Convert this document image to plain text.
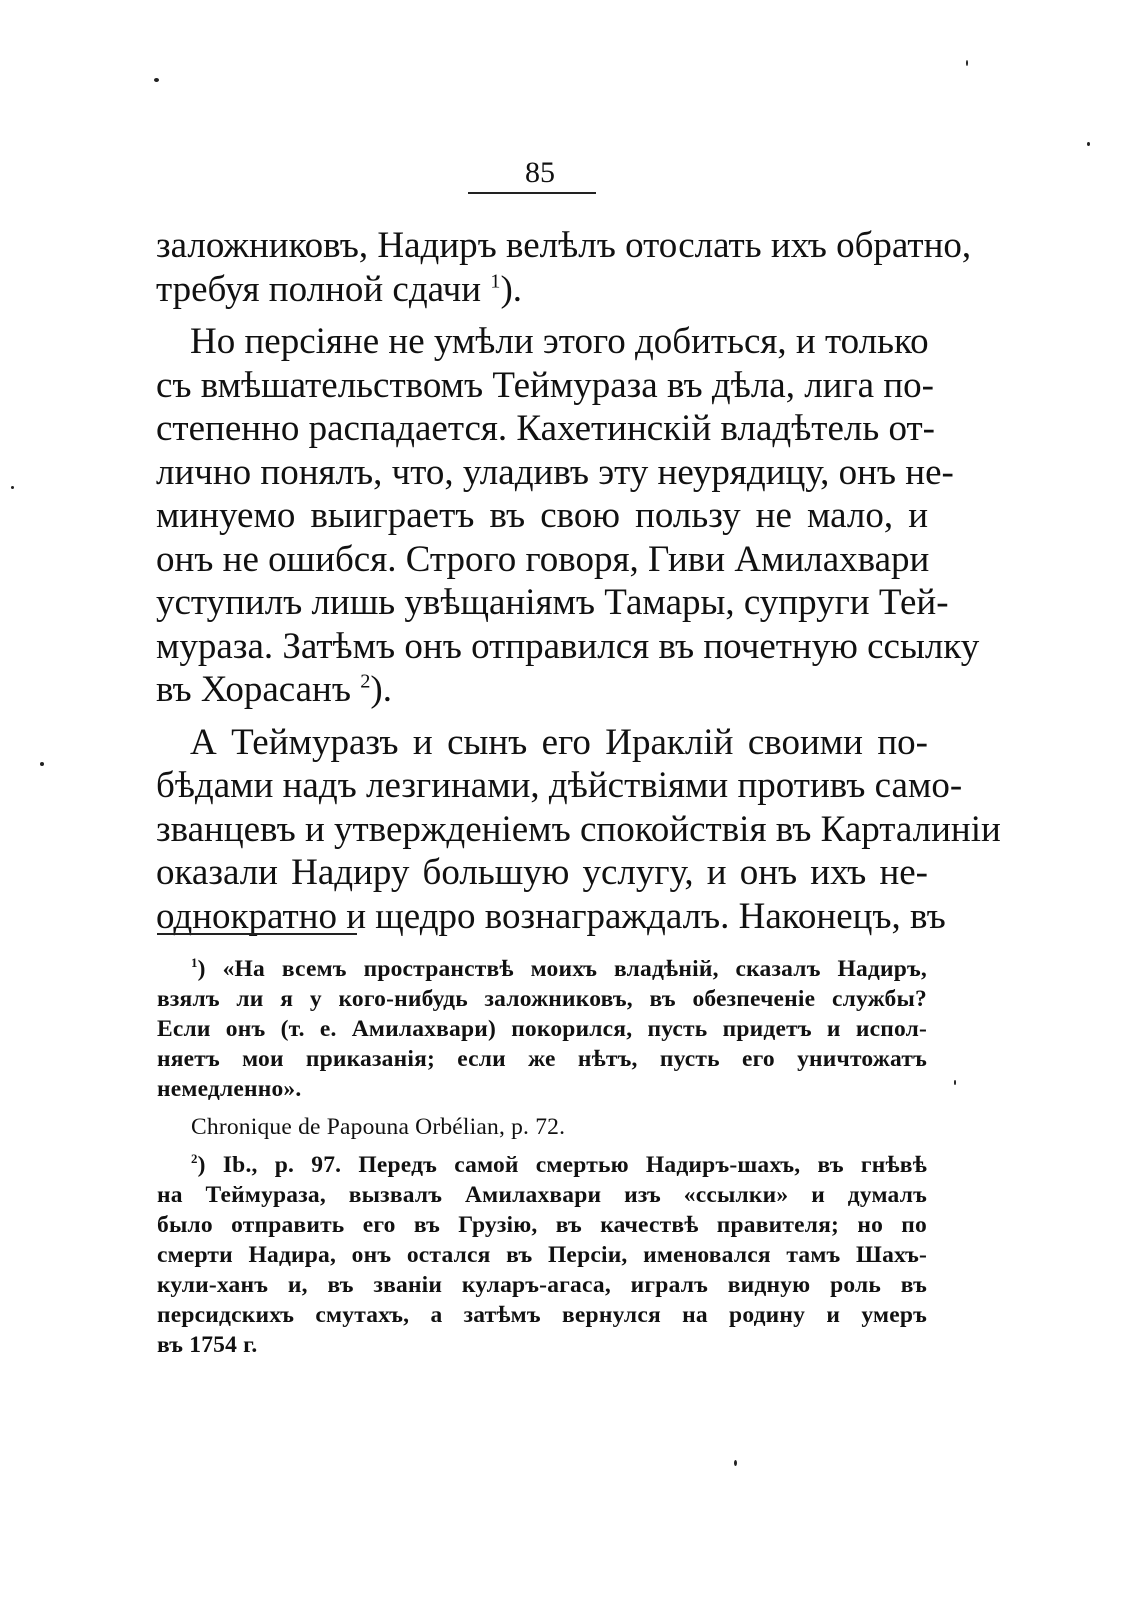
85
заложниковъ, Надиръ велѣлъ отослать ихъ обратно,
требуя полной сдачи $^1$).
Но персіяне не умѣли этого добиться, и только
съ вмѣшательствомъ Теймураза въ дѣла, лига по-
степенно распадается. Кахетинскій владѣтель от-
лично понялъ, что, уладивъ эту неурядицу, онъ не-
минуемо выиграетъ въ свою пользу не мало, и
онъ не ошибся. Строго говоря, Гиви Амилахвари
уступилъ лишь увѣщаніямъ Тамары, супруги Тей-
мураза. Затѣмъ онъ отправился въ почетную ссылку
въ Хорасанъ $^2$).
А Теймуразъ и сынъ его Ираклій своими по-
бѣдами надъ лезгинами, дѣйствіями противъ само-
званцевъ и утвержденіемъ спокойствія въ Карталиніи
оказали Надиру большую услугу, и онъ ихъ не-
однократно и щедро вознаграждалъ. Наконецъ, въ
$^1$) «На всемъ пространствѣ моихъ владѣній, сказалъ Надиръ,
взялъ ли я у кого-нибудь заложниковъ, въ обезпеченіе службы?
Если онъ (т. е. Амилахвари) покорился, пусть придетъ и испол-
няетъ мои приказанія; если же нѣтъ, пусть его уничтожатъ
немедленно».
Chronique de Papouna Orbélian, p. 72.
$^2$) Ib., p. 97. Передъ самой смертью Надиръ-шахъ, въ гнѣвѣ
на Теймураза, вызвалъ Амилахвари изъ «ссылки» и думалъ
было отправить его въ Грузію, въ качествѣ правителя; но по
смерти Надира, онъ остался въ Персіи, именовался тамъ Шахъ-
кули-ханъ и, въ званіи куларъ-агаса, игралъ видную роль въ
персидскихъ смутахъ, а затѣмъ вернулся на родину и умеръ
въ 1754 г.
